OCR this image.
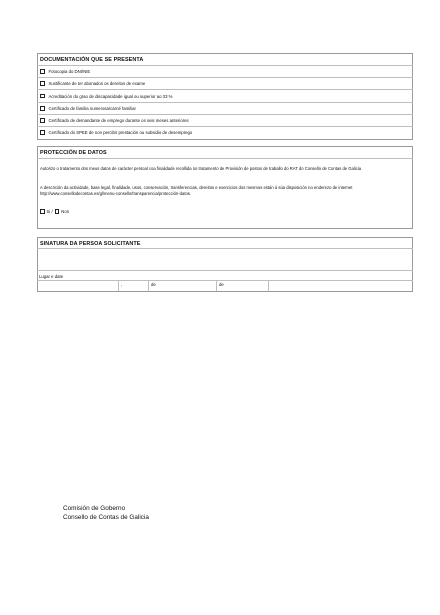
DOCUMENTACIÓN QUE SE PRESENTA
Fotocopia do DNI/NIE
Xustificante de ter abonados os dereitos de exame
Acreditación do grao de discapacidade igual ou superior ao 33 %
Certificado de familia numerosa/carné familiar
Certificado de demandante de emprego durante os seis meses anteriores
Certificado do SPEE de non percibir prestación ou subsidio de desemprego
PROTECCIÓN DE DATOS
Autorizo o tratamento dos meus datos de carácter persoal coa finalidade recollida no tratamento de Provisión de postos de traballo do RAT do Consello de Contas de Galicia
A descrición da actividade, base legal, finalidade, usos, conservación, transferencias, dereitos e exercicios dos mesmos están á súa disposición no enderezo de internet http://www.consellodecontas.es/gl/menu-consello/transparencia/protección-datos.
Si / Non
SINATURA DA PERSOA SOLICITANTE
Lugar e date
,	de	de
Comisión de Goberno
Consello de Contas de Galicia
